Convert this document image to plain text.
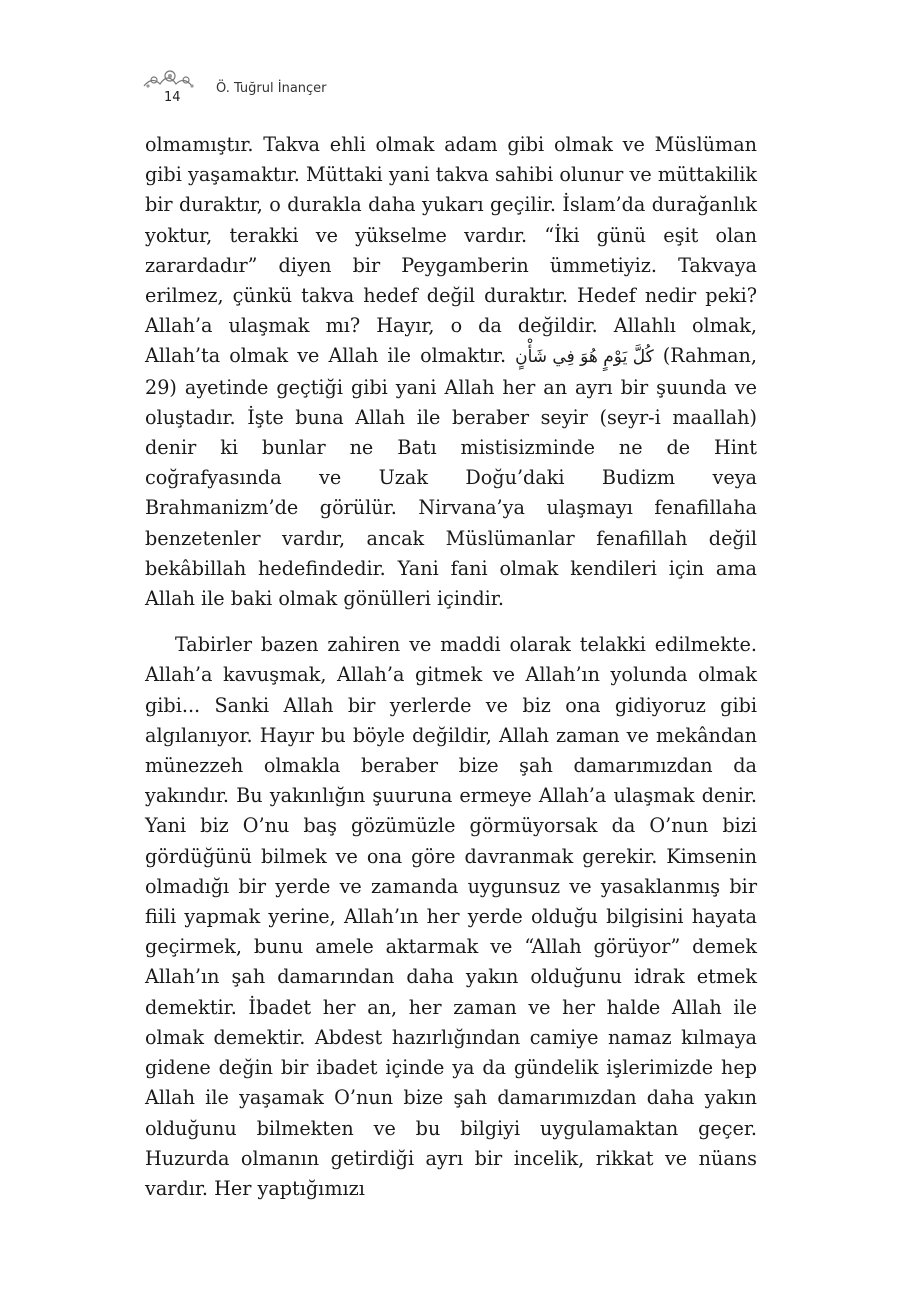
14
Ö. Tuğrul İnançer

olmamıştır. Takva ehli olmak adam gibi olmak ve Müslüman gibi yaşamaktır. Müttaki yani takva sahibi olunur ve müttakilik bir duraktır, o durakla daha yukarı geçilir. İslam’da durağanlık yoktur, terakki ve yükselme vardır. “İki günü eşit olan zarardadır” diyen bir Peygamberin ümmetiyiz. Takvaya erilmez, çünkü takva hedef değil duraktır. Hedef nedir peki? Allah’a ulaşmak mı? Hayır, o da değildir. Allahlı olmak, Allah’ta olmak ve Allah ile olmaktır. كُلَّ يَوْمٍ هُوَ فِي شَأْنٍ (Rahman, 29) ayetinde geçtiği gibi yani Allah her an ayrı bir şuunda ve oluştadır. İşte buna Allah ile beraber seyir (seyr-i maallah) denir ki bunlar ne Batı mistisizminde ne de Hint coğrafyasında ve Uzak Doğu’daki Budizm veya Brahmanizm’de görülür. Nirvana’ya ulaşmayı fenafillaha benzetenler vardır, ancak Müslümanlar fenafillah değil bekâbillah hedefindedir. Yani fani olmak kendileri için ama Allah ile baki olmak gönülleri içindir.

Tabirler bazen zahiren ve maddi olarak telakki edilmekte. Allah’a kavuşmak, Allah’a gitmek ve Allah’ın yolunda olmak gibi... Sanki Allah bir yerlerde ve biz ona gidiyoruz gibi algılanıyor. Hayır bu böyle değildir, Allah zaman ve mekândan münezzeh olmakla beraber bize şah damarımızdan da yakındır. Bu yakınlığın şuuruna ermeye Allah’a ulaşmak denir. Yani biz O’nu baş gözümüzle görmüyorsak da O’nun bizi gördüğünü bilmek ve ona göre davranmak gerekir. Kimsenin olmadığı bir yerde ve zamanda uygunsuz ve yasaklanmış bir fiili yapmak yerine, Allah’ın her yerde olduğu bilgisini hayata geçirmek, bunu amele aktarmak ve “Allah görüyor” demek Allah’ın şah damarından daha yakın olduğunu idrak etmek demektir. İbadet her an, her zaman ve her halde Allah ile olmak demektir. Abdest hazırlığından camiye namaz kılmaya gidene değin bir ibadet içinde ya da gündelik işlerimizde hep Allah ile yaşamak O’nun bize şah damarımızdan daha yakın olduğunu bilmekten ve bu bilgiyi uygulamaktan geçer. Huzurda olmanın getirdiği ayrı bir incelik, rikkat ve nüans vardır. Her yaptığımızı
